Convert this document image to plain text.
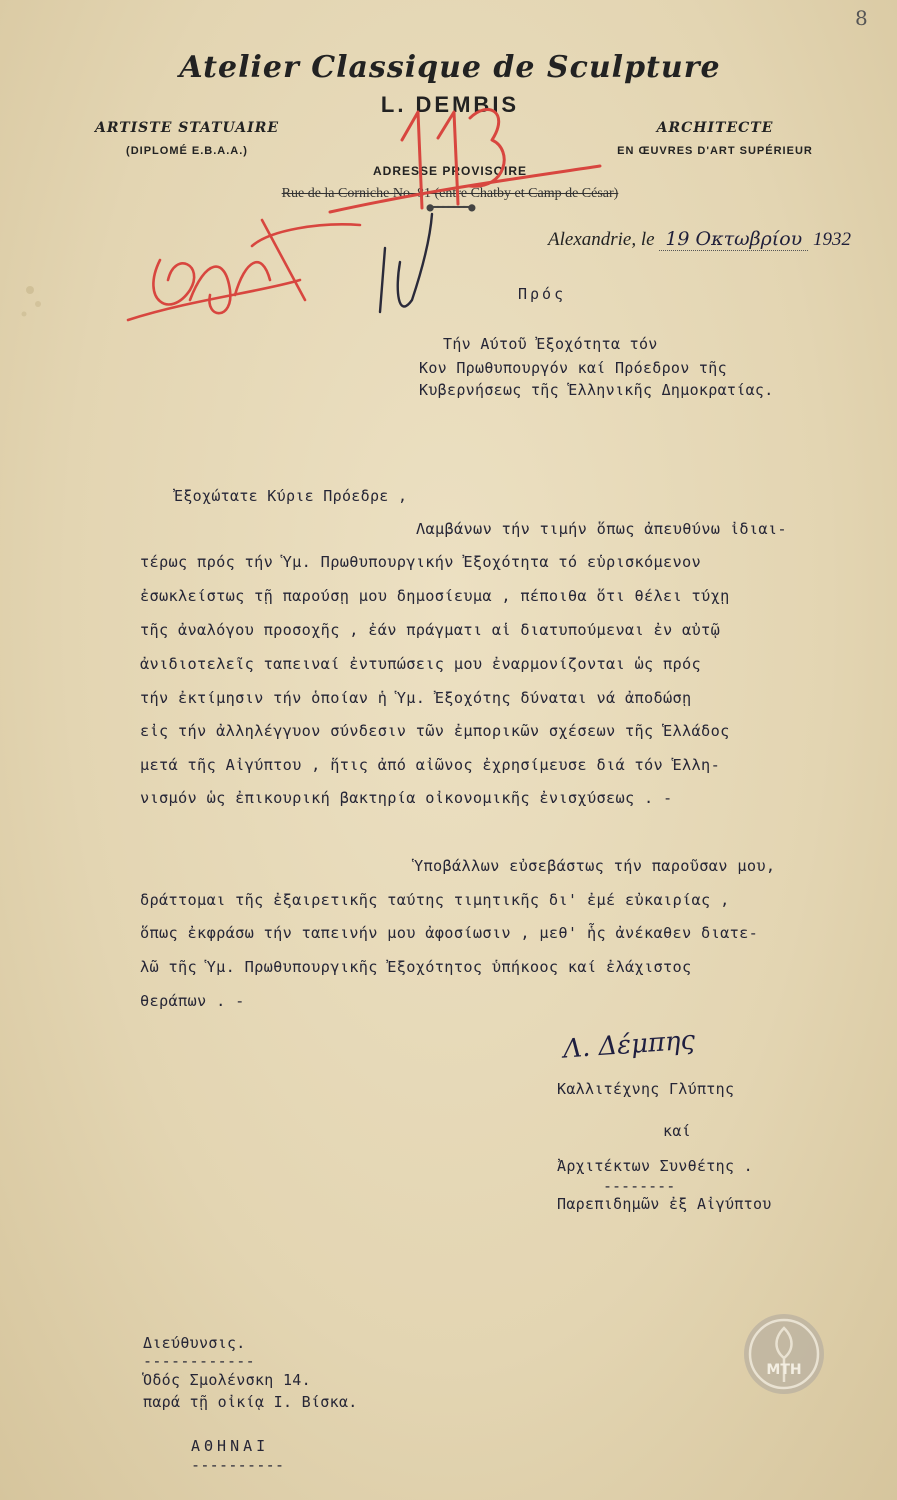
8
Atelier Classique de Sculpture
L. DEMBIS
ARTISTE STATUAIRE
(DIPLOMÉ E.B.A.A.)
ARCHITECTE
EN ŒUVRES D'ART SUPÉRIEUR
ADRESSE PROVISOIRE
Rue de la Corniche No. 81 (entre Chatby et Camp de César)
●━━━━━━━●
113
Alexandrie, le 19 Οκτωβρίου 1932
Πρός
Τήν Αύτοῦ Ἐξοχότητα τόν
Κον Πρωθυπουργόν καί Πρόεδρον τῆς
Κυβερνήσεως τῆς Ἑλληνικῆς Δημοκρατίας.
Ἐξοχώτατε Κύριε Πρόεδρε ,
Λαμβάνων τήν τιμήν ὅπως ἀπευθύνω ἰδιαι-
τέρως πρός τήν Ὑμ. Πρωθυπουργικήν Ἐξοχότητα τό εὑρισκόμενον
ἐσωκλείστως τῇ παρούσῃ μου δημοσίευμα , πέποιθα ὅτι θέλει τύχῃ
τῆς ἀναλόγου προσοχῆς , ἐάν πράγματι αἱ διατυπούμεναι ἐν αὐτῷ
ἀνιδιοτελεῖς ταπειναί ἐντυπώσεις μου ἐναρμονίζονται ὡς πρός
τήν ἐκτίμησιν τήν ὁποίαν ἡ Ὑμ. Ἐξοχότης δύναται νά ἀποδώσῃ
εἰς τήν ἀλληλέγγυον σύνδεσιν τῶν ἐμπορικῶν σχέσεων τῆς Ἑλλάδος
μετά τῆς Αἰγύπτου , ἥτις ἀπό αἰῶνος ἐχρησίμευσε διά τόν Ἑλλη-
νισμόν ὡς ἐπικουρική βακτηρία οἰκονομικῆς ἐνισχύσεως . -
Ὑποβάλλων εὐσεβάστως τήν παροῦσαν μου,
δράττομαι τῆς ἐξαιρετικῆς ταύτης τιμητικῆς δι' ἐμέ εὐκαιρίας ,
ὅπως ἐκφράσω τήν ταπεινήν μου ἀφοσίωσιν , μεθ' ἧς ἀνέκαθεν διατε-
λῶ τῆς Ὑμ. Πρωθυπουργικῆς Ἐξοχότητος ὑπήκοος καί ἐλάχιστος
θεράπων . -
Λ. Δέμπης
Καλλιτέχνης Γλύπτης
καί
Ἀρχιτέκτων Συνθέτης .
--------
Παρεπιδημῶν ἐξ Αἰγύπτου
Διεύθυνσις.
------------
Ὁδός Σμολένσκη 14.
παρά τῇ οἰκίᾳ Ι. Βίσκα.
ΑΘΗΝΑΙ
----------
ΜΤΗ
